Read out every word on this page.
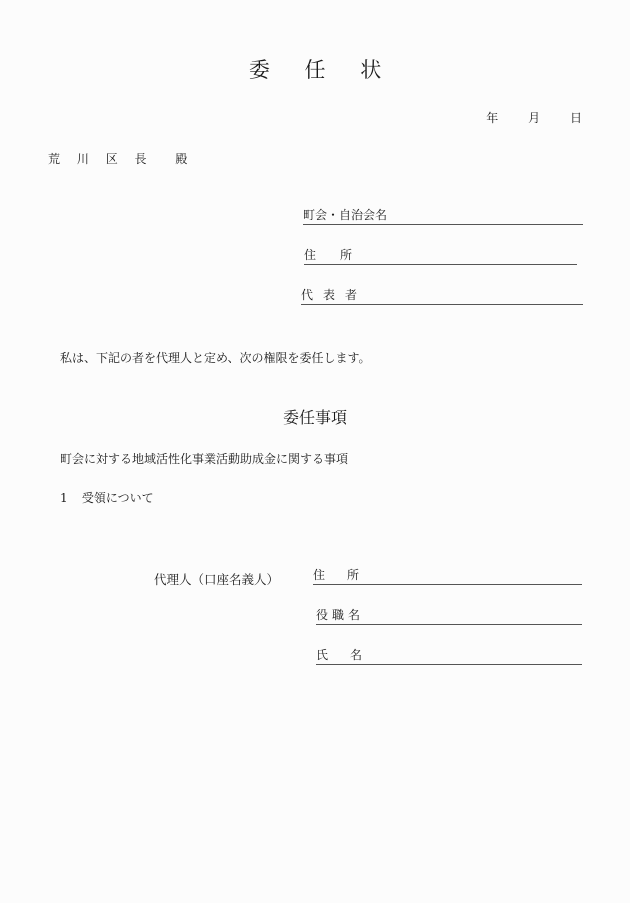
委 任 状
年 月 日
荒 川 区 長 殿
町会・自治会名
住 所
代 表 者
私は、下記の者を代理人と定め、次の権限を委任します。
委任事項
町会に対する地域活性化事業活動助成金に関する事項
1 受領について
代理人（口座名義人）	住 所
役 職 名
氏 名
